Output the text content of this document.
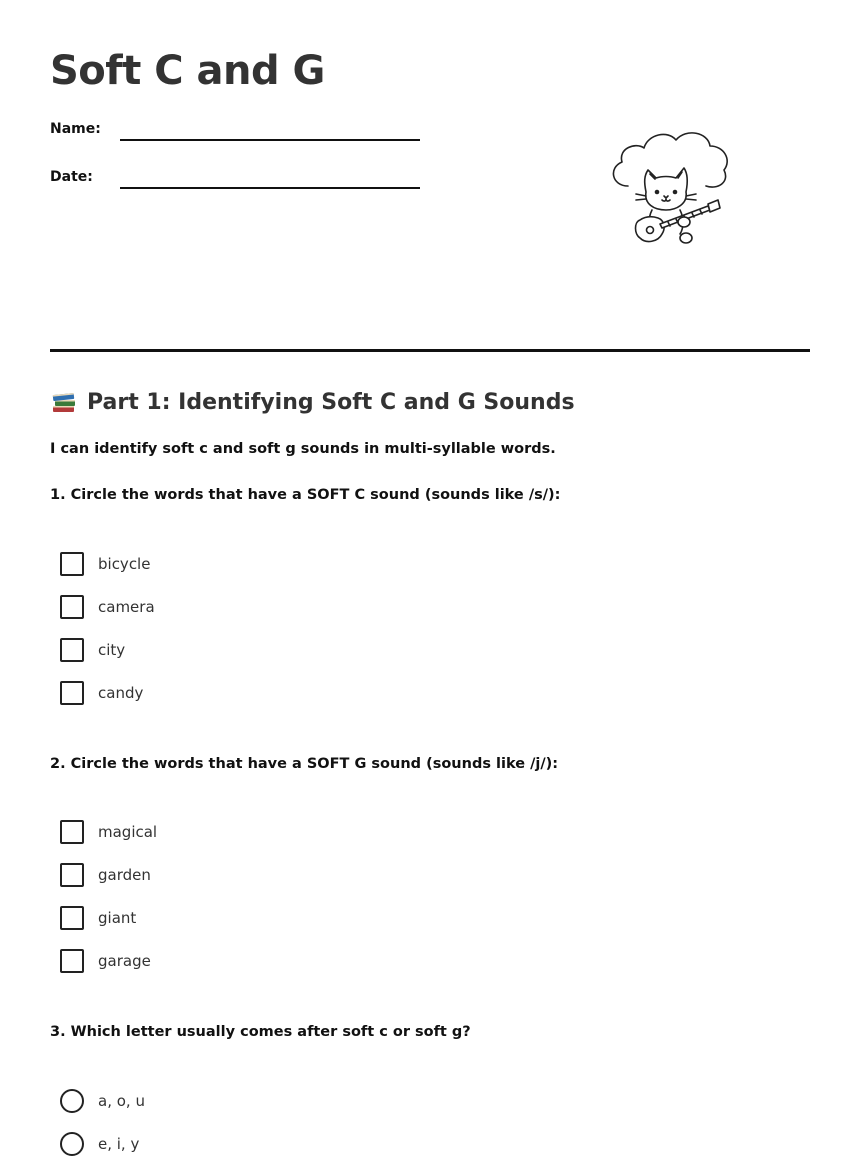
Soft C and G
Name:
Date:
Part 1: Identifying Soft C and G Sounds
I can identify soft c and soft g sounds in multi-syllable words.
1. Circle the words that have a SOFT C sound (sounds like /s/):
bicycle
camera
city
candy
2. Circle the words that have a SOFT G sound (sounds like /j/):
magical
garden
giant
garage
3. Which letter usually comes after soft c or soft g?
a, o, u
e, i, y
